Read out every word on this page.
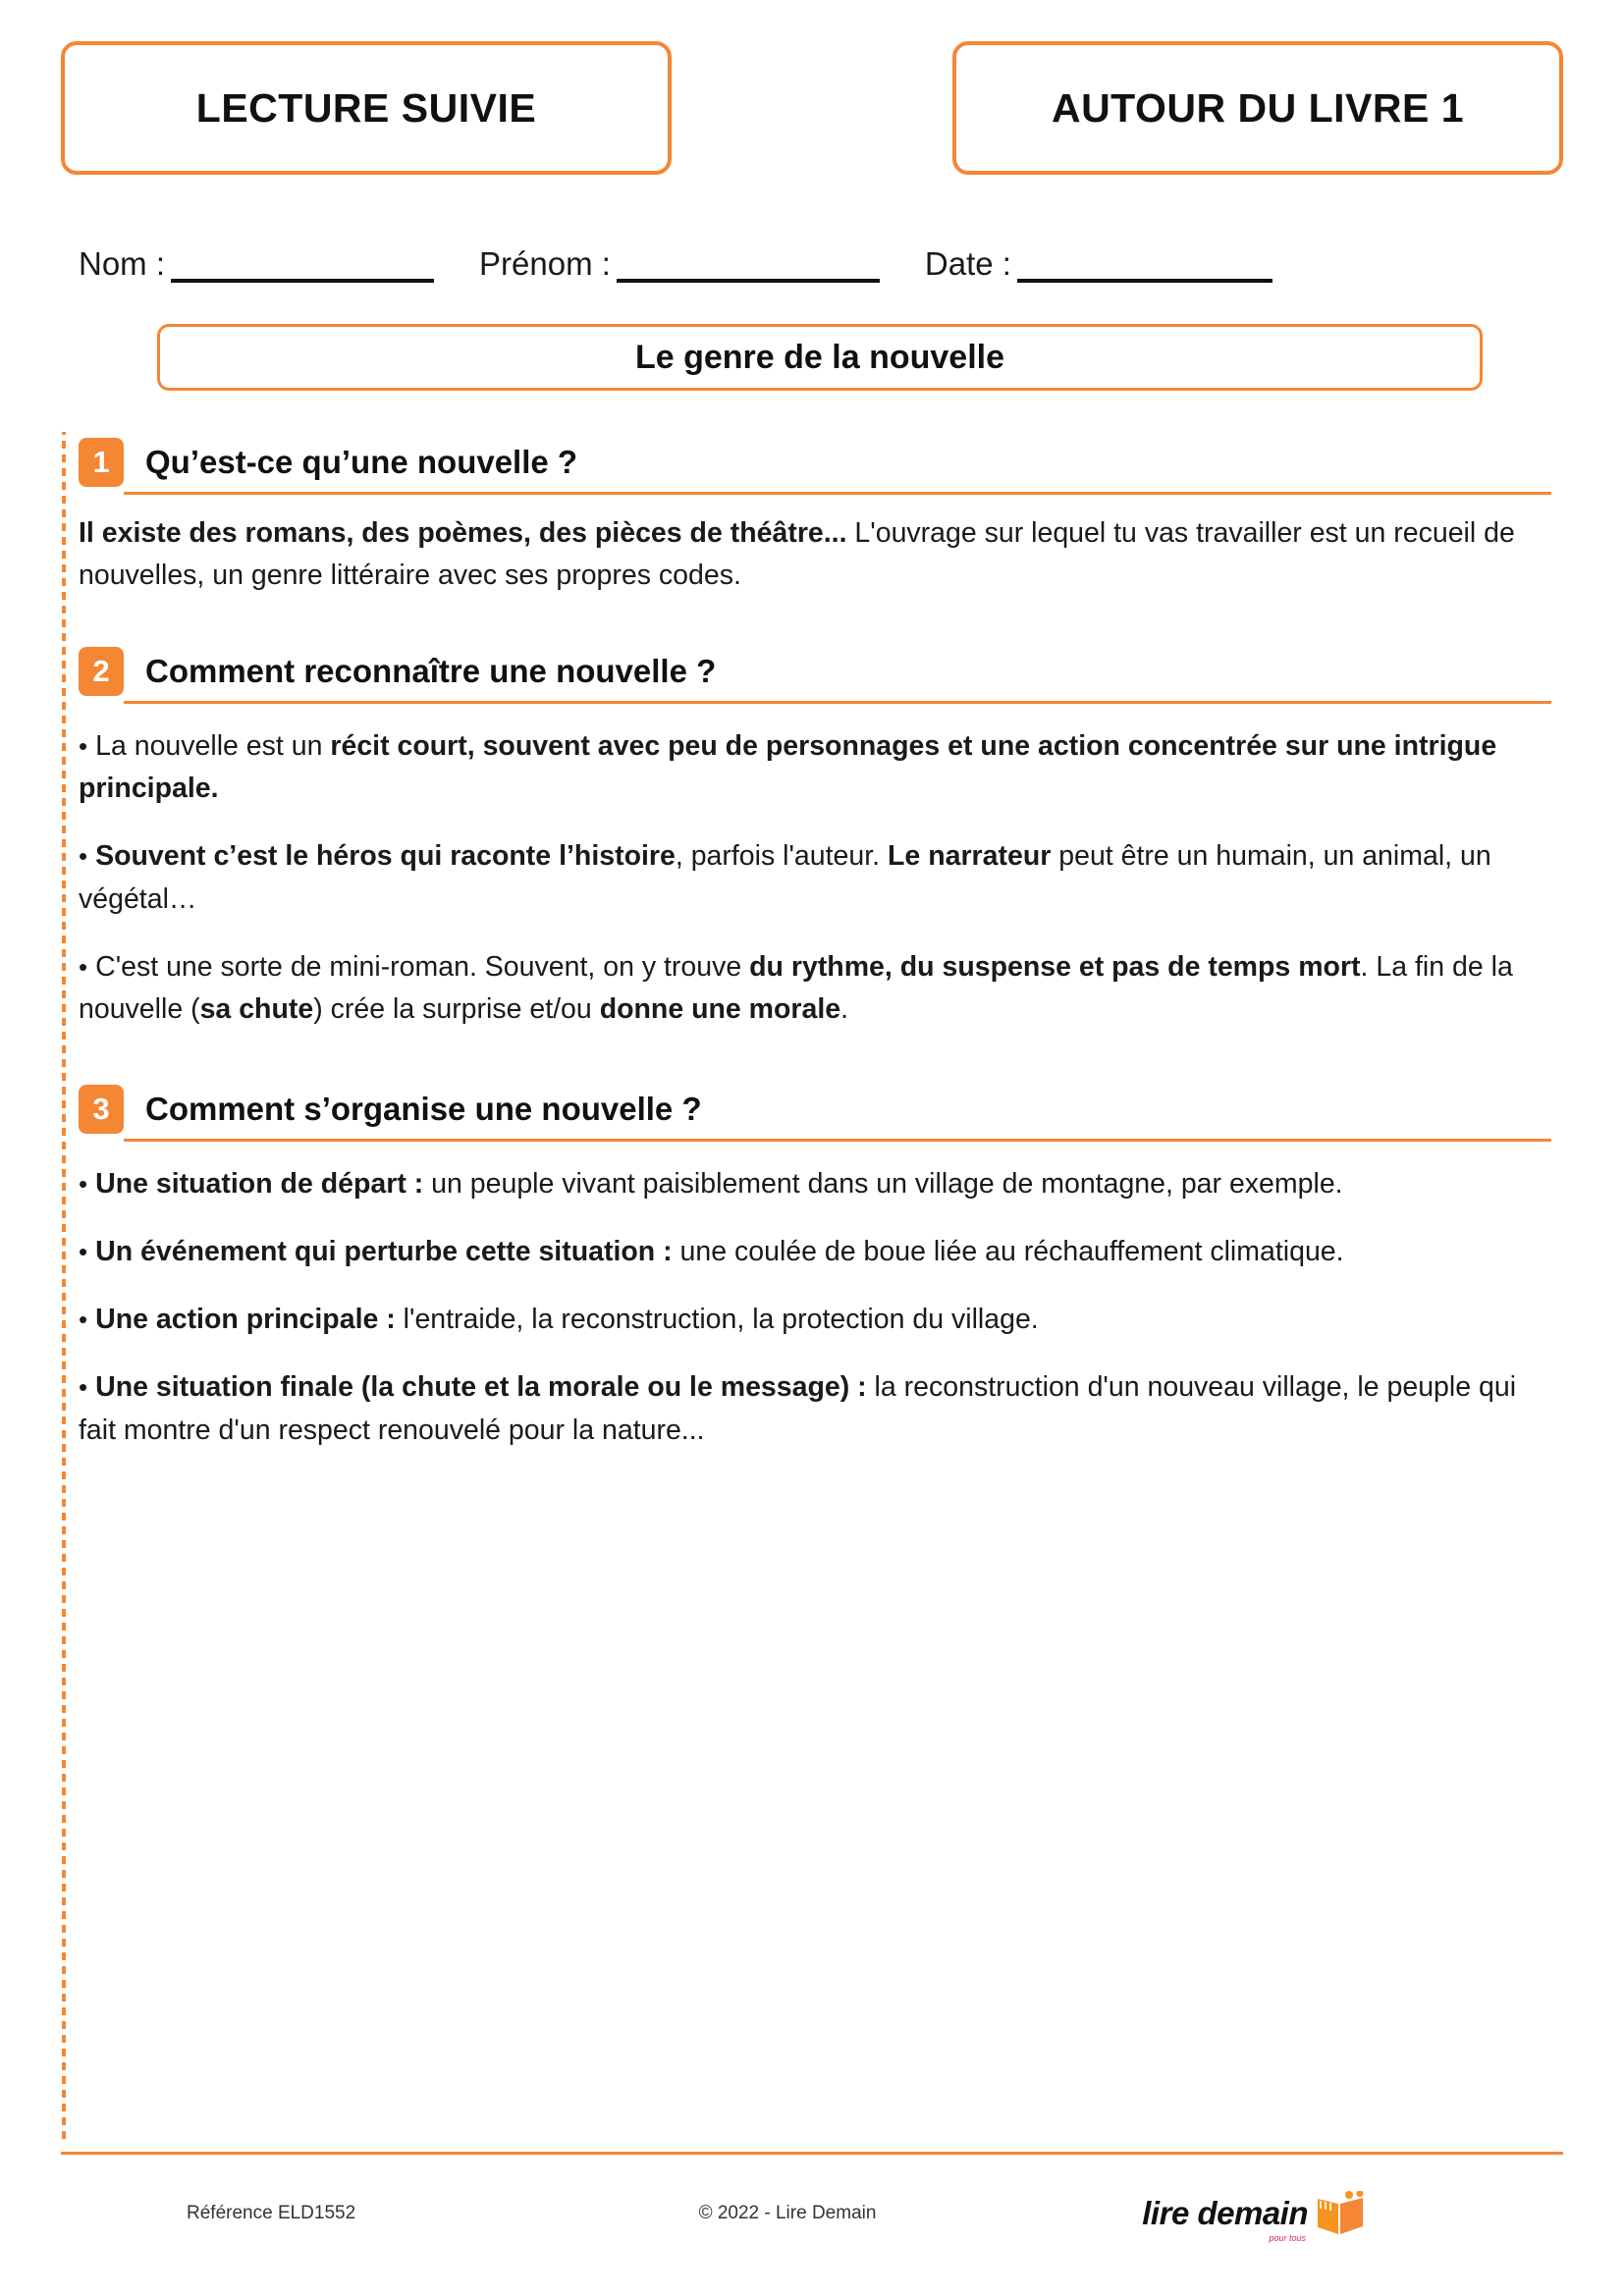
LECTURE SUIVIE	AUTOUR DU LIVRE 1
Nom :	Prénom :	Date :
Le genre de la nouvelle
1	Qu’est-ce qu’une nouvelle ?

Il existe des romans, des poèmes, des pièces de théâtre... L'ouvrage sur lequel tu vas travailler est un recueil de nouvelles, un genre littéraire avec ses propres codes.

2	Comment reconnaître une nouvelle ?

• La nouvelle est un récit court, souvent avec peu de personnages et une action concentrée sur une intrigue principale.

• Souvent c’est le héros qui raconte l’histoire, parfois l'auteur. Le narrateur peut être un humain, un animal, un végétal…

• C'est une sorte de mini-roman. Souvent, on y trouve du rythme, du suspense et pas de temps mort. La fin de la nouvelle (sa chute) crée la surprise et/ou donne une morale.

3	Comment s’organise une nouvelle ?

• Une situation de départ : un peuple vivant paisiblement dans un village de montagne, par exemple.

• Un événement qui perturbe cette situation : une coulée de boue liée au réchauffement climatique.

• Une action principale : l'entraide, la reconstruction, la protection du village.

• Une situation finale (la chute et la morale ou le message) : la reconstruction d'un nouveau village, le peuple qui fait montre d'un respect renouvelé pour la nature...

Référence ELD1552	© 2022 - Lire Demain	lire demain
pour tous
